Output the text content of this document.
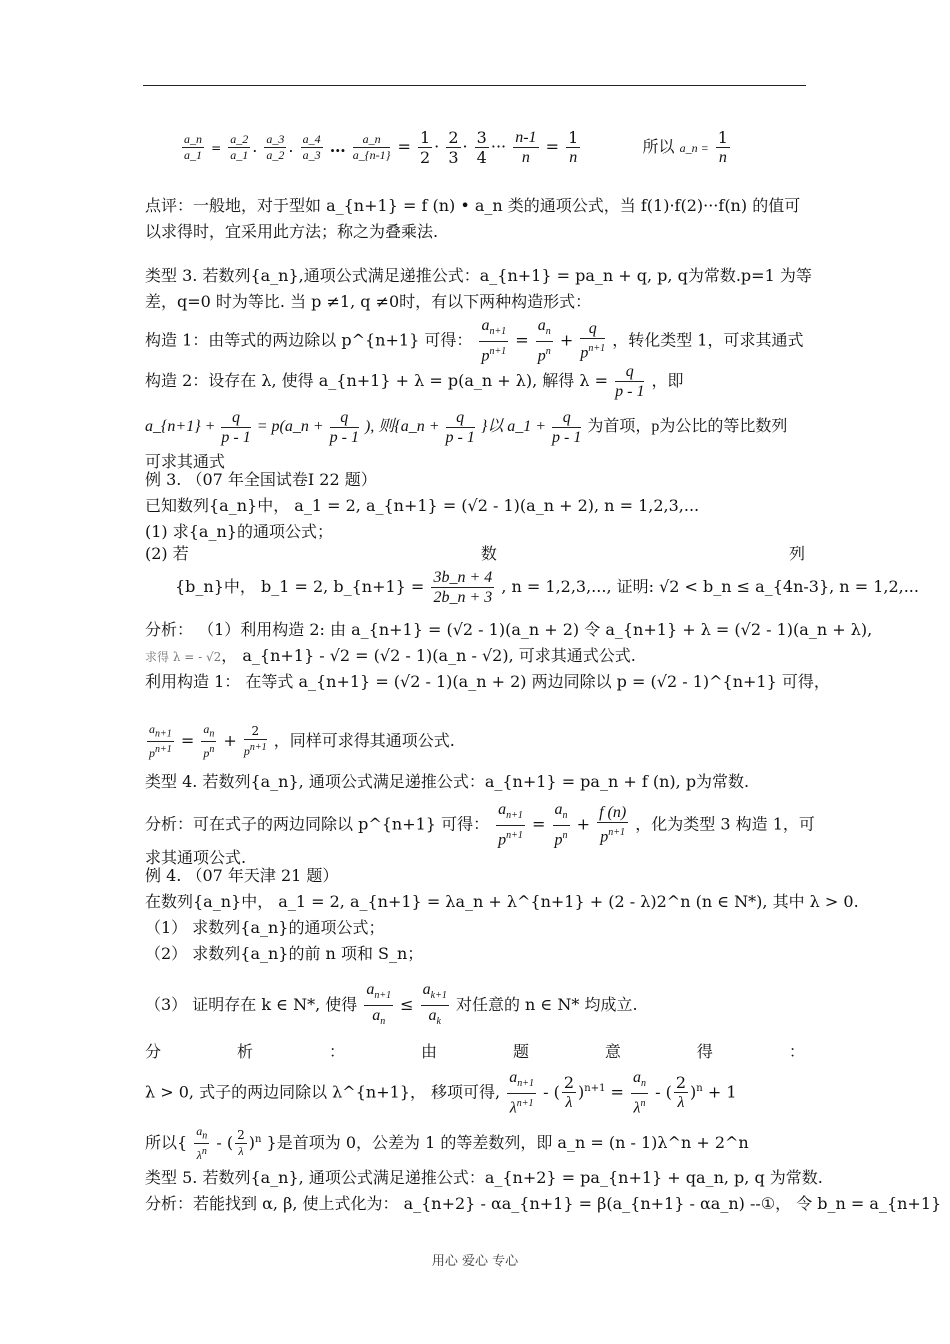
$\frac{a\_n}{a\_1} = \frac{a\_2}{a\_1}$ . $\frac{a\_3}{a\_2}$ . $\frac{a\_4}{a\_3}$ … $\frac{a\_n}{a\_\{n-1\}} = \frac{1}{2} \cdot \frac{2}{3} \cdot \frac{3}{4}$ ··· $\frac{n-1}{n} = \frac{1}{n}$	所以 a_n = $\frac{1}{n}$
点评：一般地，对于型如 a_{n+1} = f (n) • a_n 类的通项公式，当 f(1)·f(2)···f(n) 的值可
以求得时，宜采用此方法；称之为叠乘法.
类型 3. 若数列{a_n},通项公式满足递推公式：a_{n+1} = pa_n + q, p, q为常数.p=1 为等
差，q=0 时为等比. 当 p ≠1, q ≠0时，有以下两种构造形式：
构造 1：由等式的两边除以 p^{n+1} 可得： $\frac{a_{n+1}}{p^{n+1}} = \frac{a_n}{p^n} + \frac{q}{p^{n+1}}$ ，转化类型 1，可求其通式
构造 2：设存在 λ, 使得 a_{n+1} + λ = p(a_n + λ), 解得 $\lambda = \frac{q}{p - 1}$ ，即
a_{n+1} + $\frac{q}{p - 1}$ = p(a_n + $\frac{q}{p - 1}$ ), 则{a_n + $\frac{q}{p - 1}$ }以 a_1 + $\frac{q}{p - 1}$ 为首项，p为公比的等比数列
可求其通式
例 3. （07 年全国试卷Ⅰ 22 题）
已知数列{a_n}中， a_1 = 2, a_{n+1} = (√2 - 1)(a_n + 2), n = 1,2,3,...
(1) 求{a_n}的通项公式；
(2) 若	数	列
{b_n}中， b_1 = 2, b_{n+1} = $\frac{3b\_n + 4}{2b\_n + 3}$ , n = 1,2,3,..., 证明: √2 < b_n ≤ a_{4n-3}, n = 1,2,...
分析： （1）利用构造 2: 由 a_{n+1} = (√2 - 1)(a_n + 2) 令 a_{n+1} + λ = (√2 - 1)(a_n + λ),
求得 λ = - √2， a_{n+1} - √2 = (√2 - 1)(a_n - √2), 可求其通式公式.
利用构造 1： 在等式 a_{n+1} = (√2 - 1)(a_n + 2) 两边同除以 p = (√2 - 1)^{n+1} 可得，
$\frac{a_{n+1}}{p^{n+1}} = \frac{a_n}{p^n} + \frac{2}{p^{n+1}}$ ，同样可求得其通项公式.
类型 4. 若数列{a_n}, 通项公式满足递推公式：a_{n+1} = pa_n + f (n), p为常数.
分析：可在式子的两边同除以 p^{n+1} 可得： $\frac{a_{n+1}}{p^{n+1}} = \frac{a_n}{p^n} + \frac{f (n)}{p^{n+1}}$ ，化为类型 3 构造 1，可
求其通项公式.
例 4. （07 年天津 21 题）
在数列{a_n}中， a_1 = 2, a_{n+1} = λa_n + λ^{n+1} + (2 - λ)2^n (n ∈ N*), 其中 λ > 0.
（1） 求数列{a_n}的通项公式；
（2） 求数列{a_n}的前 n 项和 S_n；
（3） 证明存在 k ∈ N*, 使得 $\frac{a_{n+1}}{a_n} \le \frac{a_{k+1}}{a_k}$ 对任意的 n ∈ N* 均成立.
分	析	：	由	题	意	得	：
λ > 0, 式子的两边同除以 λ^{n+1}， 移项可得, $\frac{a_{n+1}}{\lambda^{n+1}}$ - ( $\frac{2}{\lambda} )^{n+1} = \frac{a_n}{\lambda^n}$ - ( $\frac{2}{\lambda} )^n + 1$
所以{ $\frac{a_n}{\lambda^n}$ - ( $\frac{2}{\lambda} )^n$ }是首项为 0，公差为 1 的等差数列，即 a_n = (n - 1)λ^n + 2^n
类型 5. 若数列{a_n}, 通项公式满足递推公式：a_{n+2} = pa_{n+1} + qa_n, p, q 为常数.
分析：若能找到 α, β, 使上式化为： a_{n+2} - αa_{n+1} = β(a_{n+1} - αa_n) --①， 令 b_n = a_{n+1}
用心 爱心 专心
